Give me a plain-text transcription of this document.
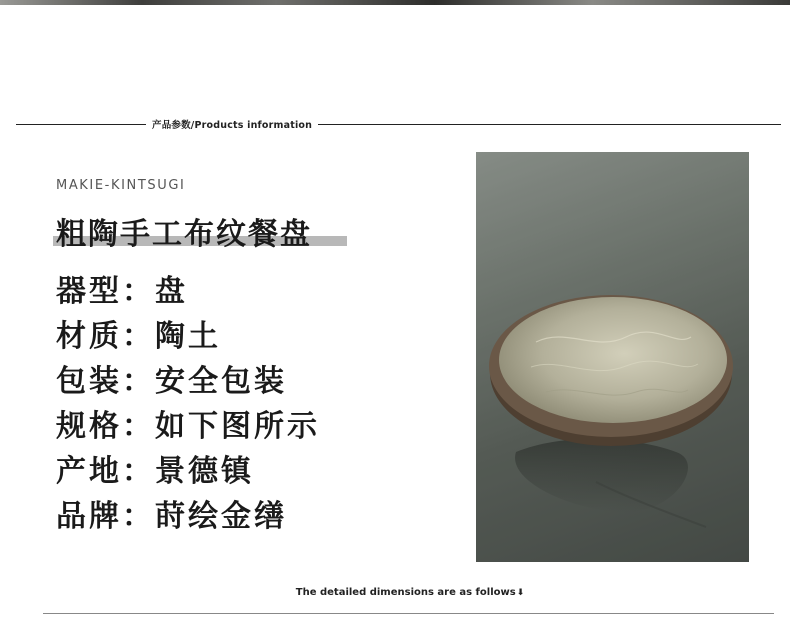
产品参数/Products information
MAKIE-KINTSUGI
粗陶手工布纹餐盘
器型：盘
材质：陶土
包装：安全包装
规格：如下图所示
产地：景德镇
品牌：莳绘金缮
The detailed dimensions are as follows⬇
